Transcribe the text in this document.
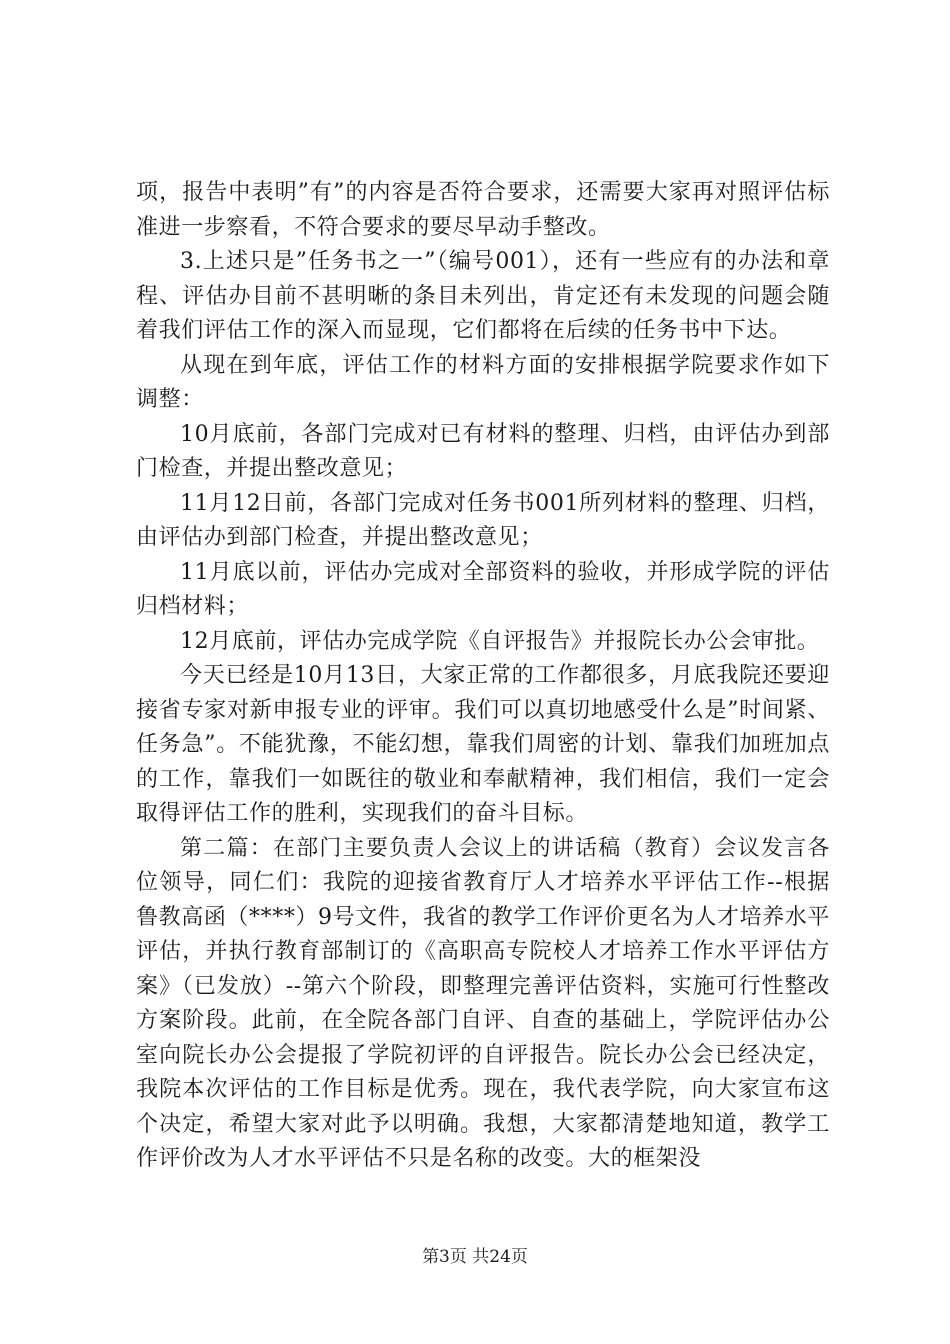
项，报告中表明”有”的内容是否符合要求，还需要大家再对照评估标准进一步察看，不符合要求的要尽早动手整改。

3.上述只是”任务书之一”（编号001），还有一些应有的办法和章程、评估办目前不甚明晰的条目未列出，肯定还有未发现的问题会随着我们评估工作的深入而显现，它们都将在后续的任务书中下达。

从现在到年底，评估工作的材料方面的安排根据学院要求作如下调整：

10月底前，各部门完成对已有材料的整理、归档，由评估办到部门检查，并提出整改意见；

11月12日前，各部门完成对任务书001所列材料的整理、归档，由评估办到部门检查，并提出整改意见；

11月底以前，评估办完成对全部资料的验收，并形成学院的评估归档材料；

12月底前，评估办完成学院《自评报告》并报院长办公会审批。

今天已经是10月13日，大家正常的工作都很多，月底我院还要迎接省专家对新申报专业的评审。我们可以真切地感受什么是”时间紧、任务急”。不能犹豫，不能幻想，靠我们周密的计划、靠我们加班加点的工作，靠我们一如既往的敬业和奉献精神，我们相信，我们一定会取得评估工作的胜利，实现我们的奋斗目标。

第二篇：在部门主要负责人会议上的讲话稿（教育）会议发言各位领导，同仁们：我院的迎接省教育厅人才培养水平评估工作--根据鲁教高函（****）9号文件，我省的教学工作评价更名为人才培养水平评估，并执行教育部制订的《高职高专院校人才培养工作水平评估方案》（已发放）--第六个阶段，即整理完善评估资料，实施可行性整改方案阶段。此前，在全院各部门自评、自查的基础上，学院评估办公室向院长办公会提报了学院初评的自评报告。院长办公会已经决定，我院本次评估的工作目标是优秀。现在，我代表学院，向大家宣布这个决定，希望大家对此予以明确。我想，大家都清楚地知道，教学工作评价改为人才水平评估不只是名称的改变。大的框架没

第3页 共24页
